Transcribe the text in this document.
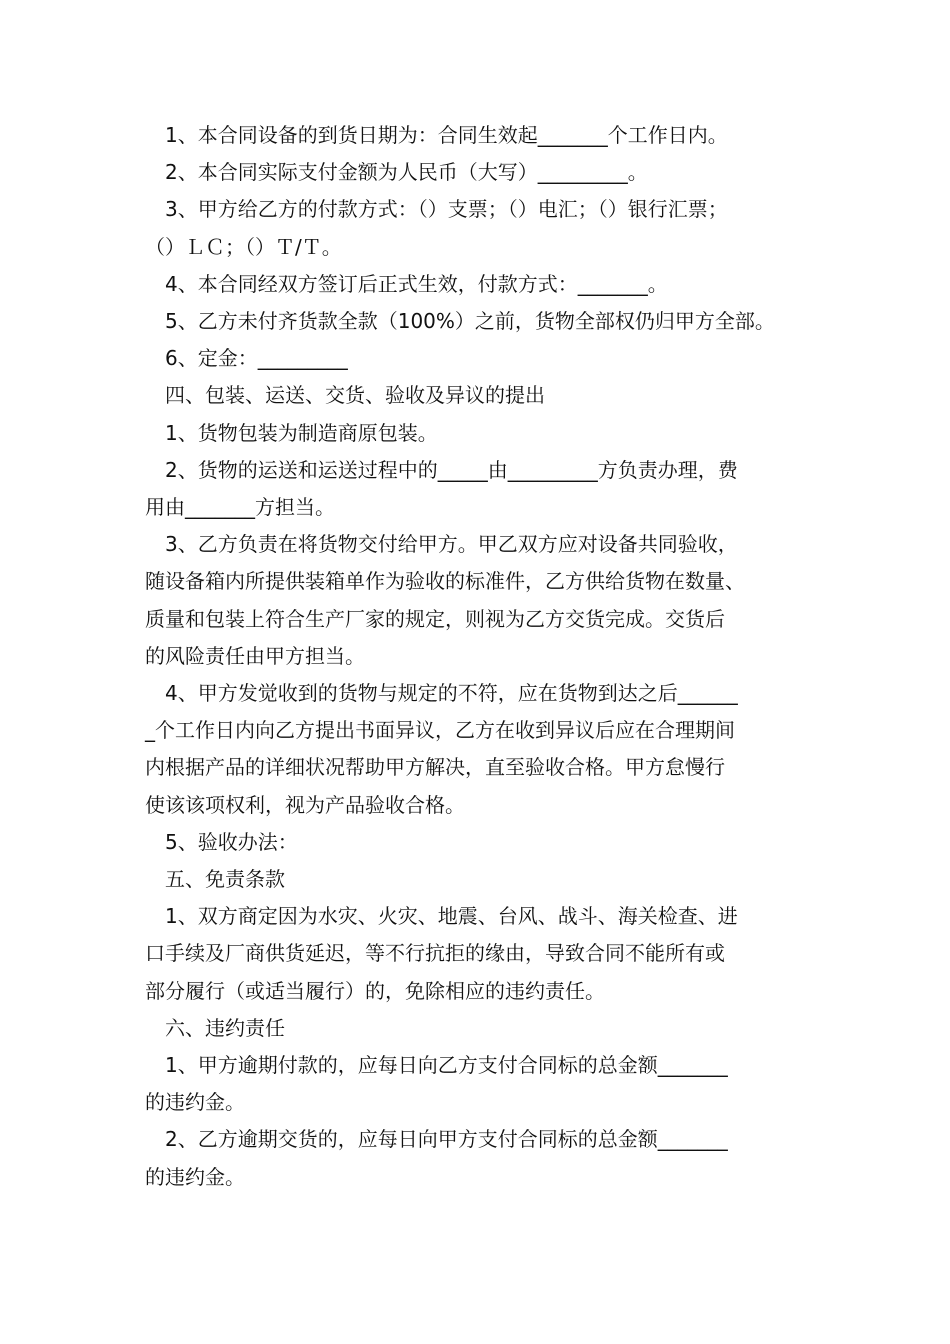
1、本合同设备的到货日期为：合同生效起_______个工作日内。

2、本合同实际支付金额为人民币（大写）_________。

3、甲方给乙方的付款方式：（）支票；（）电汇；（）银行汇票；

（）ＬＣ；（）Ｔ/Ｔ。

4、本合同经双方签订后正式生效，付款方式：_______。

5、乙方未付齐货款全款（100%）之前，货物全部权仍归甲方全部。

6、定金：_________

四、包装、运送、交货、验收及异议的提出

1、货物包装为制造商原包装。

2、货物的运送和运送过程中的_____由_________方负责办理，费

用由_______方担当。

3、乙方负责在将货物交付给甲方。甲乙双方应对设备共同验收，

随设备箱内所提供装箱单作为验收的标准件，乙方供给货物在数量、

质量和包装上符合生产厂家的规定，则视为乙方交货完成。交货后

的风险责任由甲方担当。

4、甲方发觉收到的货物与规定的不符，应在货物到达之后______

_个工作日内向乙方提出书面异议，乙方在收到异议后应在合理期间

内根据产品的详细状况帮助甲方解决，直至验收合格。甲方怠慢行

使该该项权利，视为产品验收合格。

5、验收办法：

五、免责条款

1、双方商定因为水灾、火灾、地震、台风、战斗、海关检查、进

口手续及厂商供货延迟，等不行抗拒的缘由，导致合同不能所有或

部分履行（或适当履行）的，免除相应的违约责任。

六、违约责任

1、甲方逾期付款的，应每日向乙方支付合同标的总金额_______

的违约金。

2、乙方逾期交货的，应每日向甲方支付合同标的总金额_______

的违约金。
